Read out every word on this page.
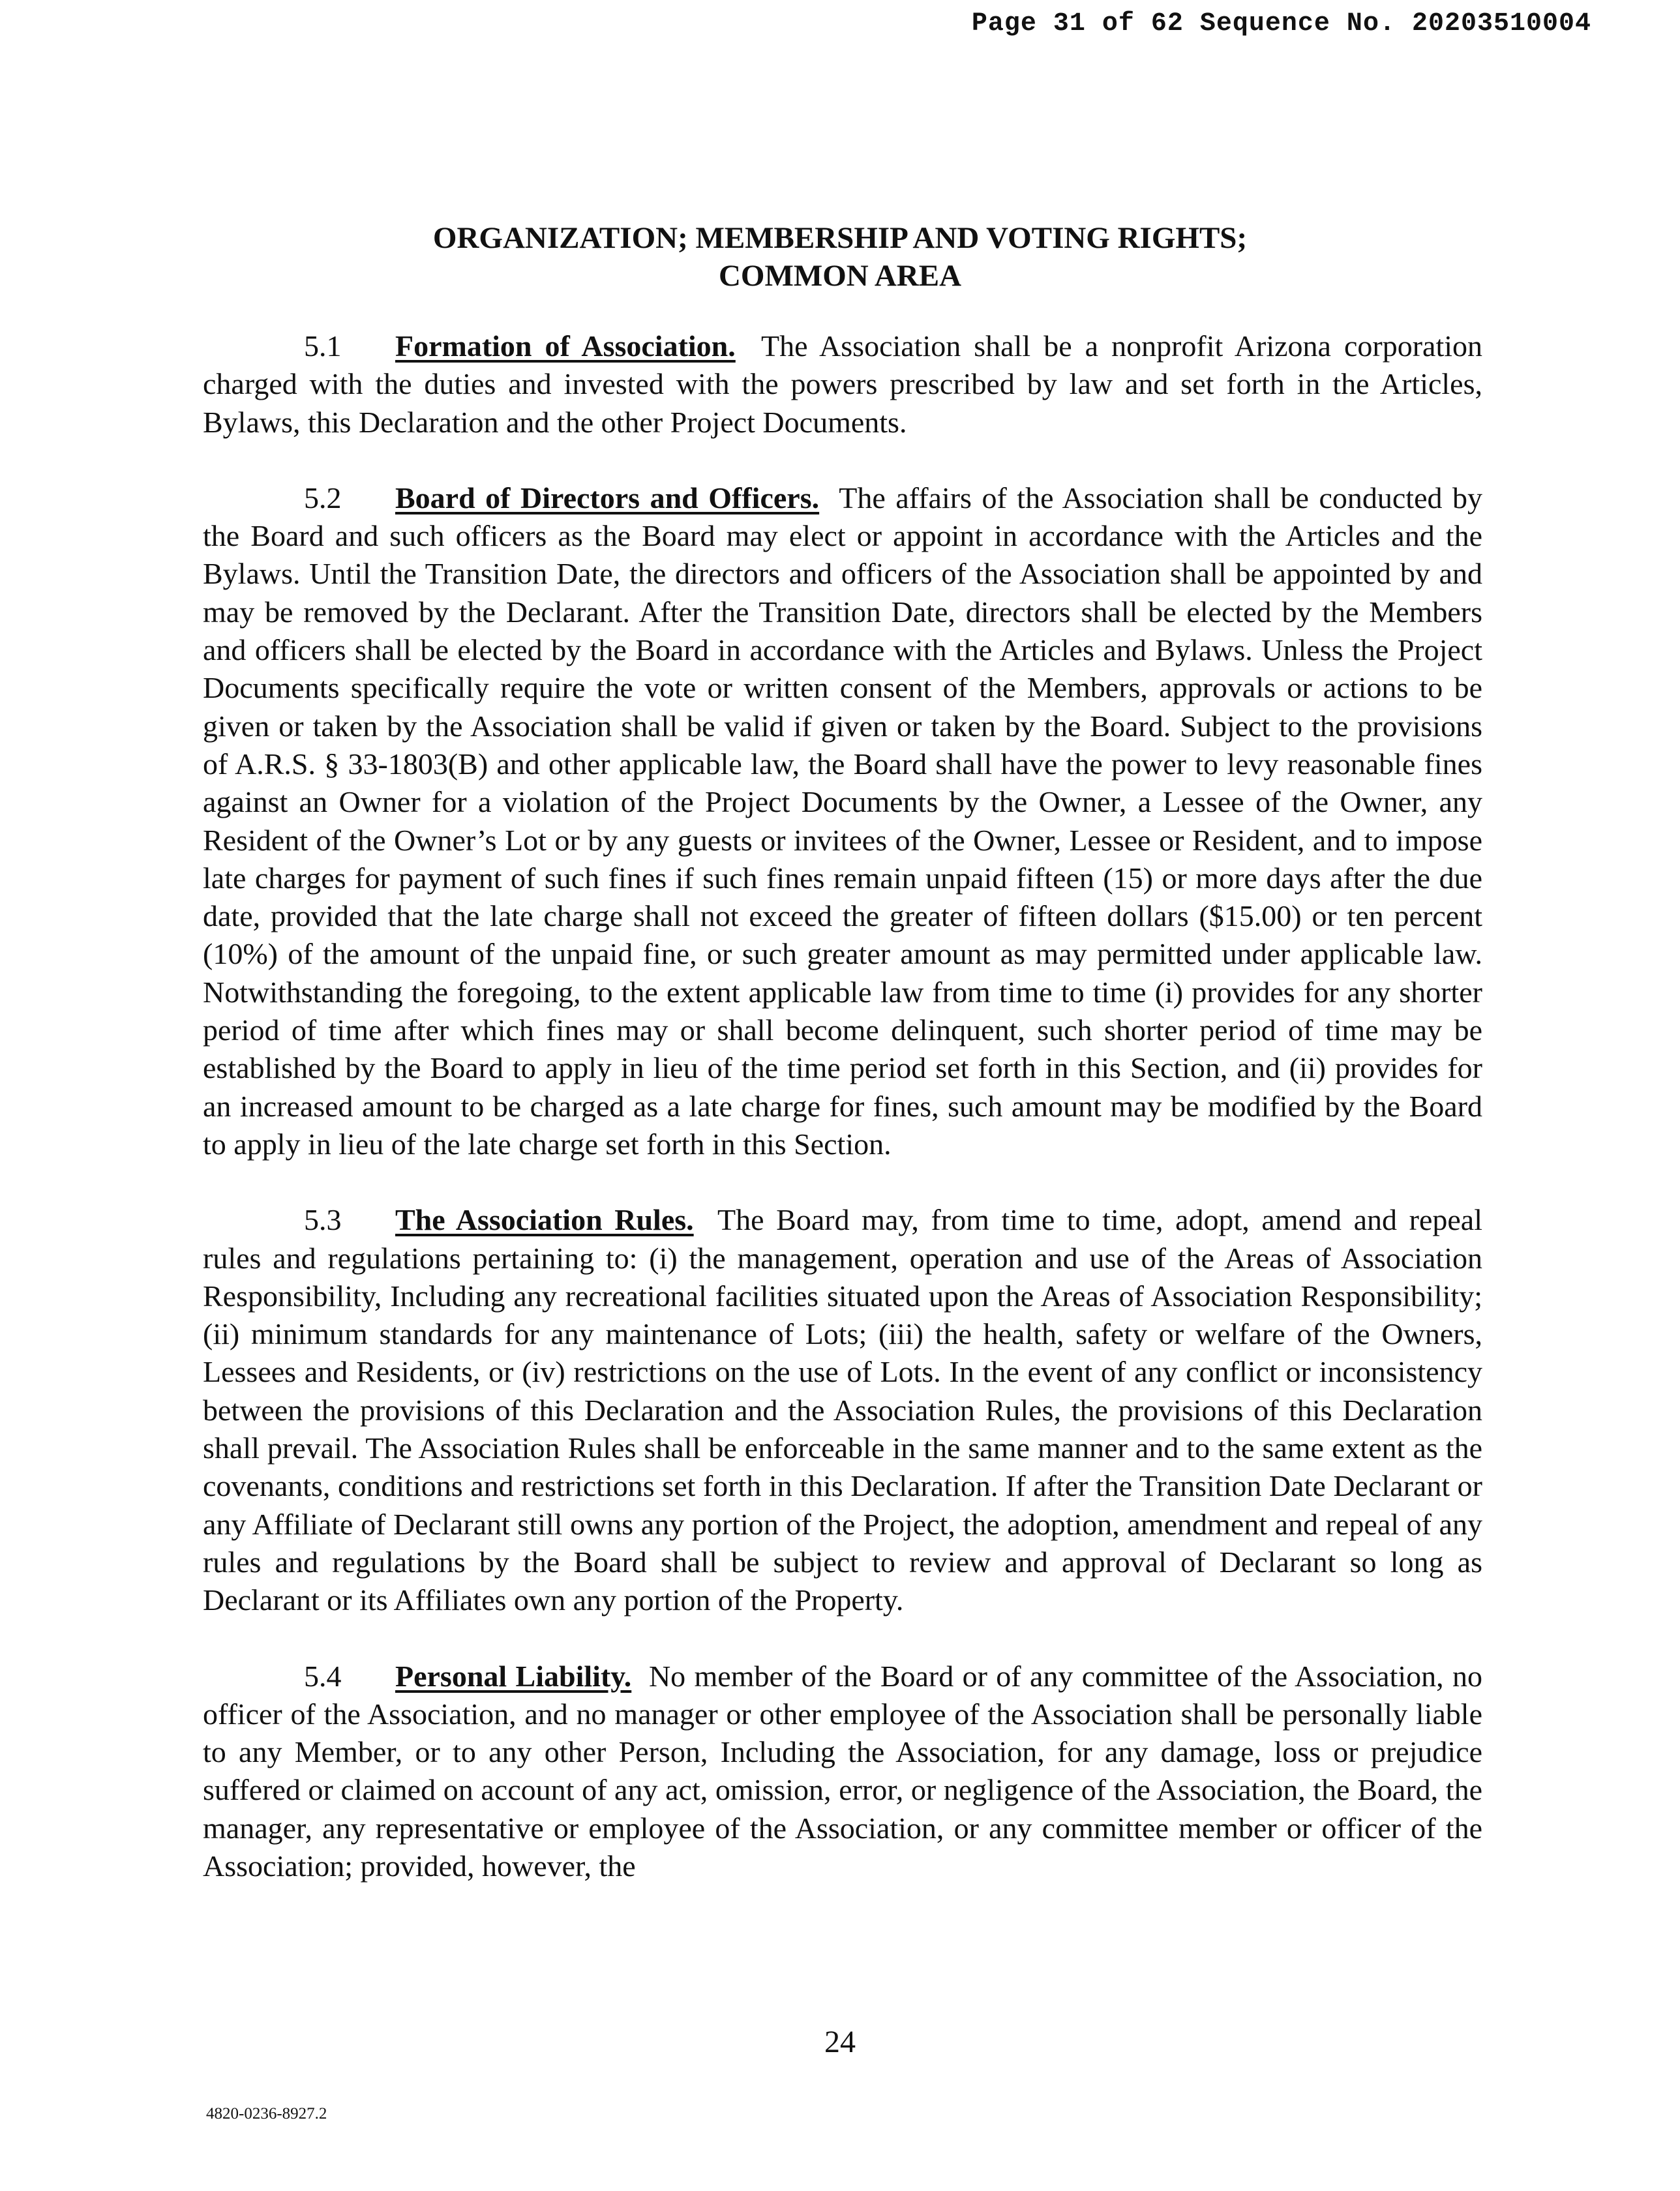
Page 31 of 62 Sequence No. 20203510004
ORGANIZATION; MEMBERSHIP AND VOTING RIGHTS;
COMMON AREA

5.1 Formation of Association. The Association shall be a nonprofit Arizona corporation charged with the duties and invested with the powers prescribed by law and set forth in the Articles, Bylaws, this Declaration and the other Project Documents.

5.2 Board of Directors and Officers. The affairs of the Association shall be conducted by the Board and such officers as the Board may elect or appoint in accordance with the Articles and the Bylaws. Until the Transition Date, the directors and officers of the Association shall be appointed by and may be removed by the Declarant. After the Transition Date, directors shall be elected by the Members and officers shall be elected by the Board in accordance with the Articles and Bylaws. Unless the Project Documents specifically require the vote or written consent of the Members, approvals or actions to be given or taken by the Association shall be valid if given or taken by the Board. Subject to the provisions of A.R.S. § 33-1803(B) and other applicable law, the Board shall have the power to levy reasonable fines against an Owner for a violation of the Project Documents by the Owner, a Lessee of the Owner, any Resident of the Owner’s Lot or by any guests or invitees of the Owner, Lessee or Resident, and to impose late charges for payment of such fines if such fines remain unpaid fifteen (15) or more days after the due date, provided that the late charge shall not exceed the greater of fifteen dollars ($15.00) or ten percent (10%) of the amount of the unpaid fine, or such greater amount as may permitted under applicable law. Notwithstanding the foregoing, to the extent applicable law from time to time (i) provides for any shorter period of time after which fines may or shall become delinquent, such shorter period of time may be established by the Board to apply in lieu of the time period set forth in this Section, and (ii) provides for an increased amount to be charged as a late charge for fines, such amount may be modified by the Board to apply in lieu of the late charge set forth in this Section.

5.3 The Association Rules. The Board may, from time to time, adopt, amend and repeal rules and regulations pertaining to: (i) the management, operation and use of the Areas of Association Responsibility, Including any recreational facilities situated upon the Areas of Association Responsibility; (ii) minimum standards for any maintenance of Lots; (iii) the health, safety or welfare of the Owners, Lessees and Residents, or (iv) restrictions on the use of Lots. In the event of any conflict or inconsistency between the provisions of this Declaration and the Association Rules, the provisions of this Declaration shall prevail. The Association Rules shall be enforceable in the same manner and to the same extent as the covenants, conditions and restrictions set forth in this Declaration. If after the Transition Date Declarant or any Affiliate of Declarant still owns any portion of the Project, the adoption, amendment and repeal of any rules and regulations by the Board shall be subject to review and approval of Declarant so long as Declarant or its Affiliates own any portion of the Property.

5.4 Personal Liability. No member of the Board or of any committee of the Association, no officer of the Association, and no manager or other employee of the Association shall be personally liable to any Member, or to any other Person, Including the Association, for any damage, loss or prejudice suffered or claimed on account of any act, omission, error, or negligence of the Association, the Board, the manager, any representative or employee of the Association, or any committee member or officer of the Association; provided, however, the

24
4820-0236-8927.2
